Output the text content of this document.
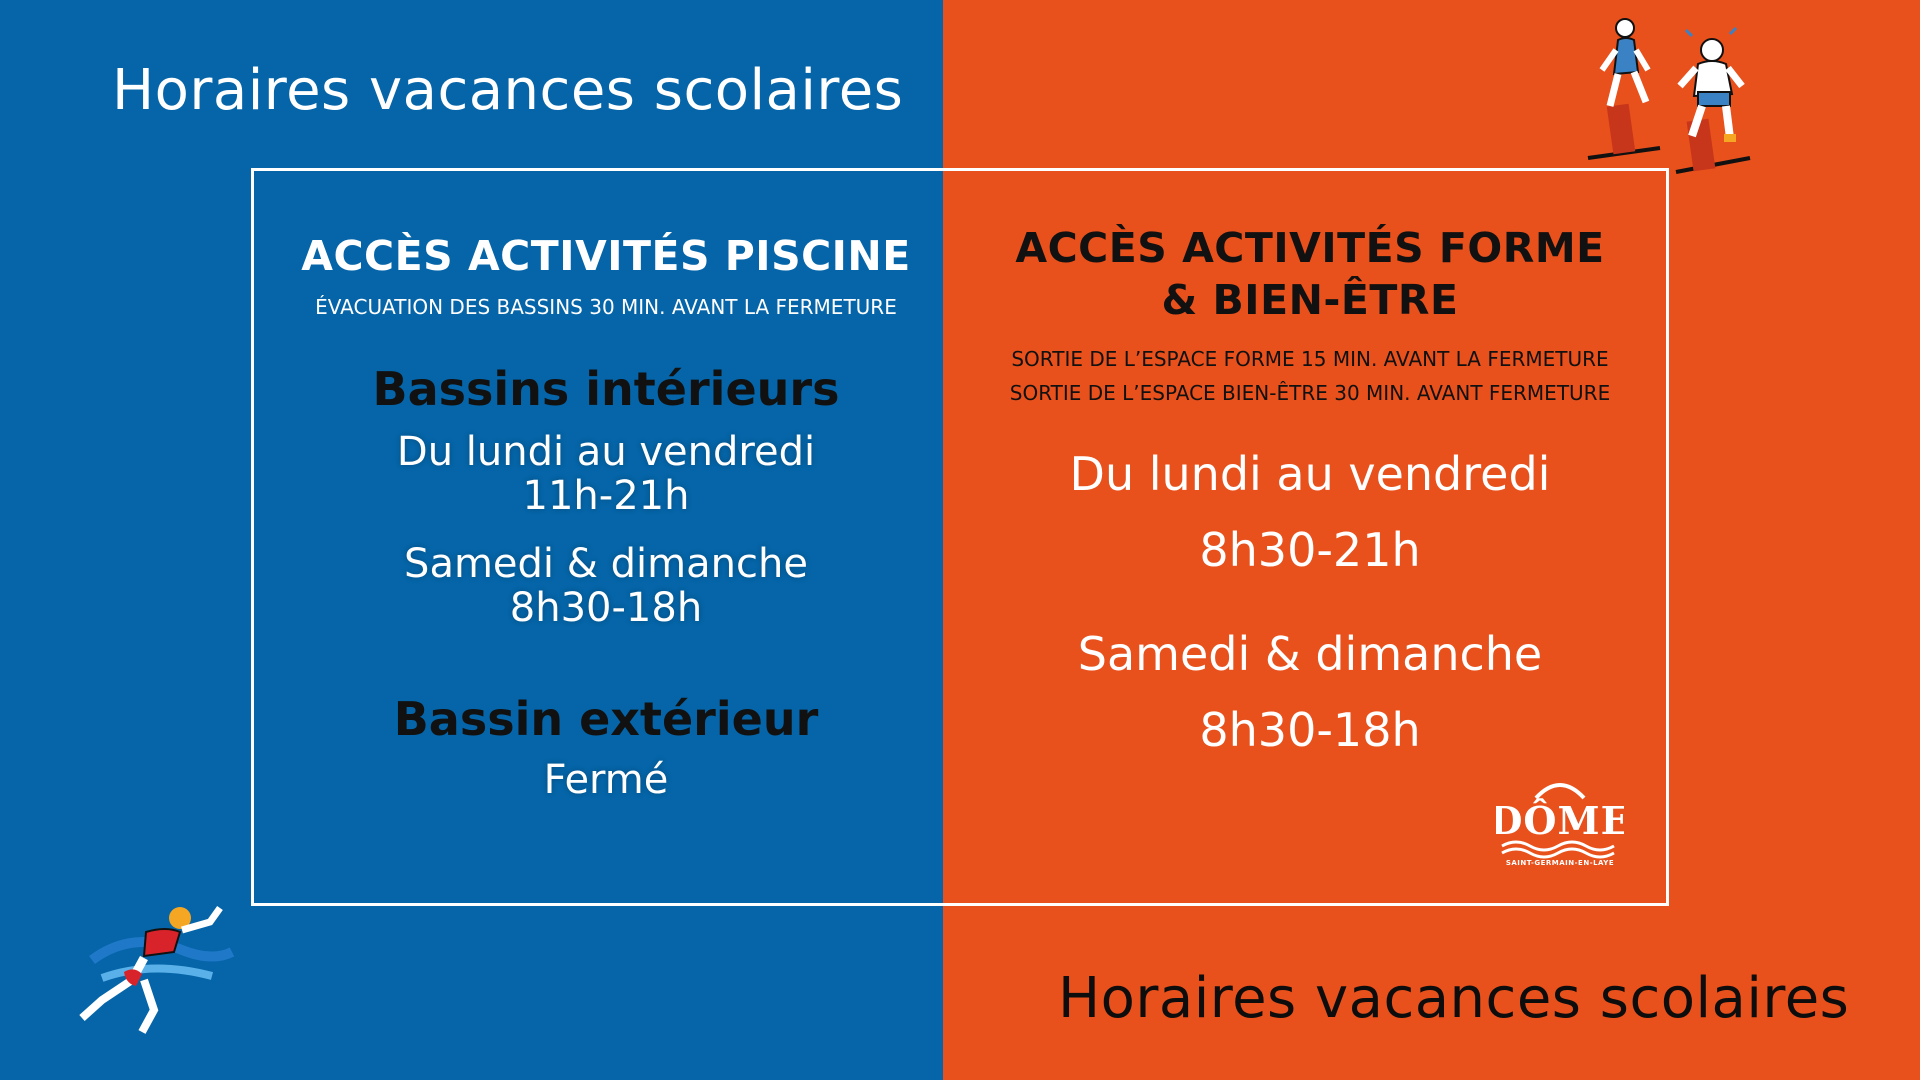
Horaires vacances scolaires
ACCÈS ACTIVITÉS PISCINE
ÉVACUATION DES BASSINS 30 MIN. AVANT LA FERMETURE
Bassins intérieurs
Du lundi au vendredi
11h-21h
Samedi & dimanche
8h30-18h
Bassin extérieur
Fermé
ACCÈS ACTIVITÉS FORME
& BIEN-ÊTRE
SORTIE DE L’ESPACE FORME 15 MIN. AVANT LA FERMETURE
SORTIE DE L’ESPACE BIEN-ÊTRE 30 MIN. AVANT FERMETURE
Du lundi au vendredi
8h30-21h
Samedi & dimanche
8h30-18h
DÔME
SAINT-GERMAIN-EN-LAYE
Horaires vacances scolaires
